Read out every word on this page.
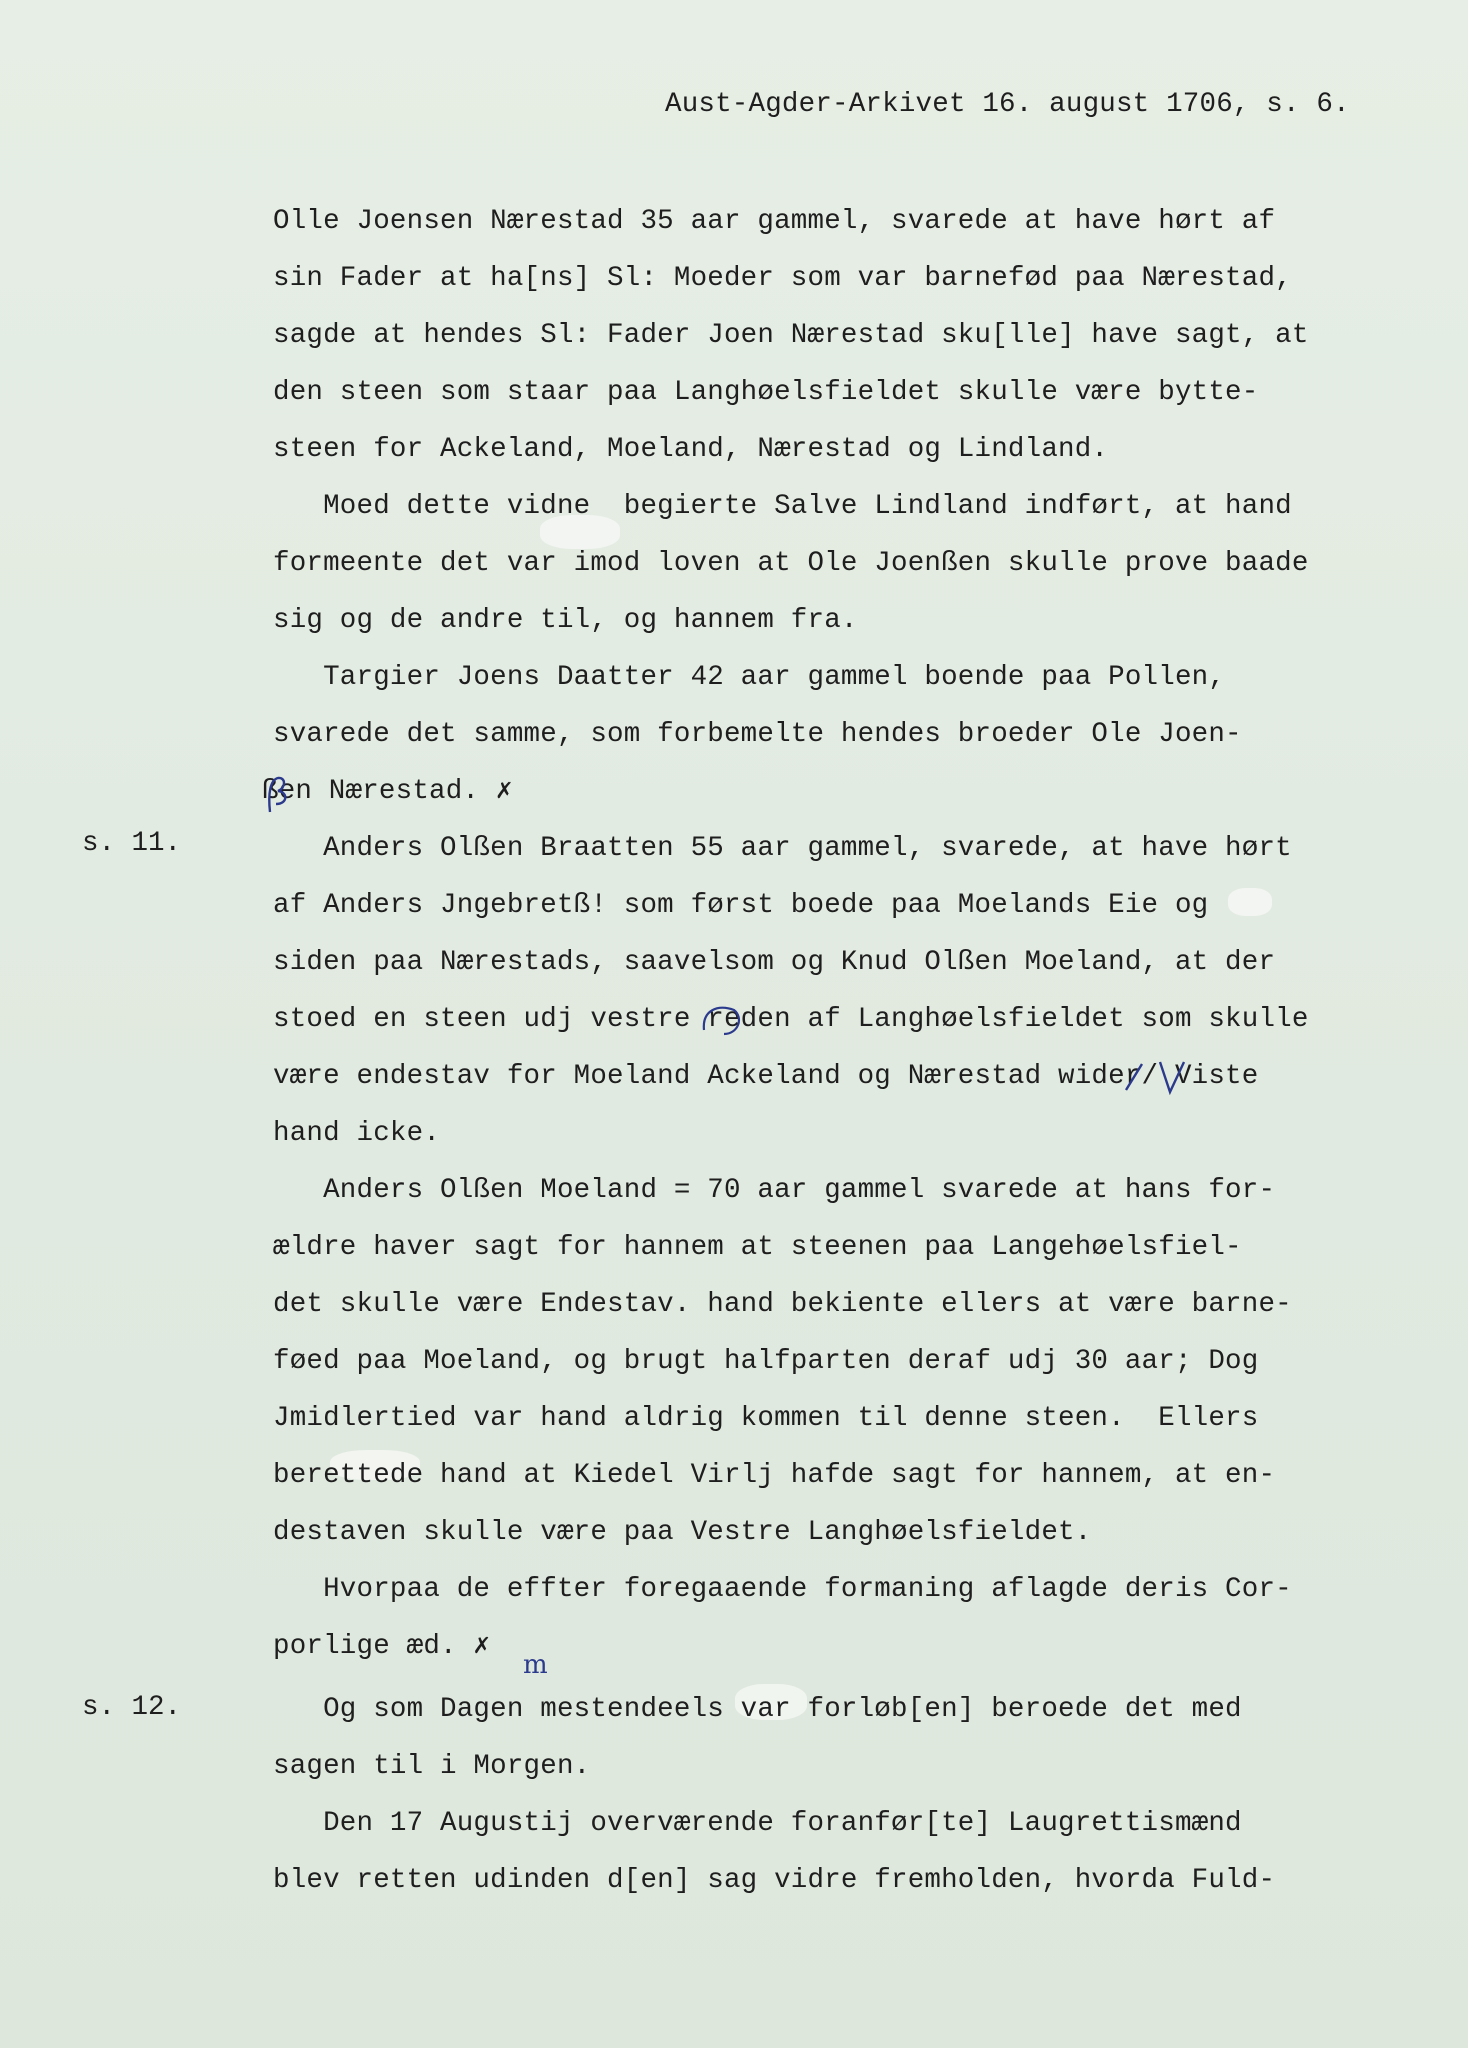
Aust-Agder-Arkivet 16. august 1706, s. 6.
s. 11.
s. 12.
Olle Joensen Nærestad 35 aar gammel, svarede at have hørt af
sin Fader at ha[ns] Sl: Moeder som var barnefød paa Nærestad,
sagde at hendes Sl: Fader Joen Nærestad sku[lle] have sagt, at
den steen som staar paa Langhøelsfieldet skulle være bytte-
steen for Ackeland, Moeland, Nærestad og Lindland.
Moed dette vidne  begierte Salve Lindland indført, at hand
formeente det var imod loven at Ole Joenßen skulle prove baade
sig og de andre til, og hannem fra.
Targier Joens Daatter 42 aar gammel boende paa Pollen,
svarede det samme, som forbemelte hendes broeder Ole Joen-
ßen Nærestad. ✗
Anders Olßen Braatten 55 aar gammel, svarede, at have hørt
af Anders Jngebretß! som først boede paa Moelands Eie og
siden paa Nærestads, saavelsom og Knud Olßen Moeland, at der
stoed en steen udj vestre reden af Langhøelsfieldet som skulle
være endestav for Moeland Ackeland og Nærestad wider/ Viste
hand icke.
Anders Olßen Moeland = 70 aar gammel svarede at hans for-
ældre haver sagt for hannem at steenen paa Langehøelsfiel-
det skulle være Endestav. hand bekiente ellers at være barne-
føed paa Moeland, og brugt halfparten deraf udj 30 aar; Dog
Jmidlertied var hand aldrig kommen til denne steen.  Ellers
berettede hand at Kiedel Virlj hafde sagt for hannem, at en-
destaven skulle være paa Vestre Langhøelsfieldet.
Hvorpaa de effter foregaaende formaning aflagde deris Cor-
porlige æd. ✗
Og som Dagen mestendeels var forløb[en] beroede det med
sagen til i Morgen.
Den 17 Augustij overværende foranfør[te] Laugrettismænd
blev retten udinden d[en] sag vidre fremholden, hvorda Fuld-
m
